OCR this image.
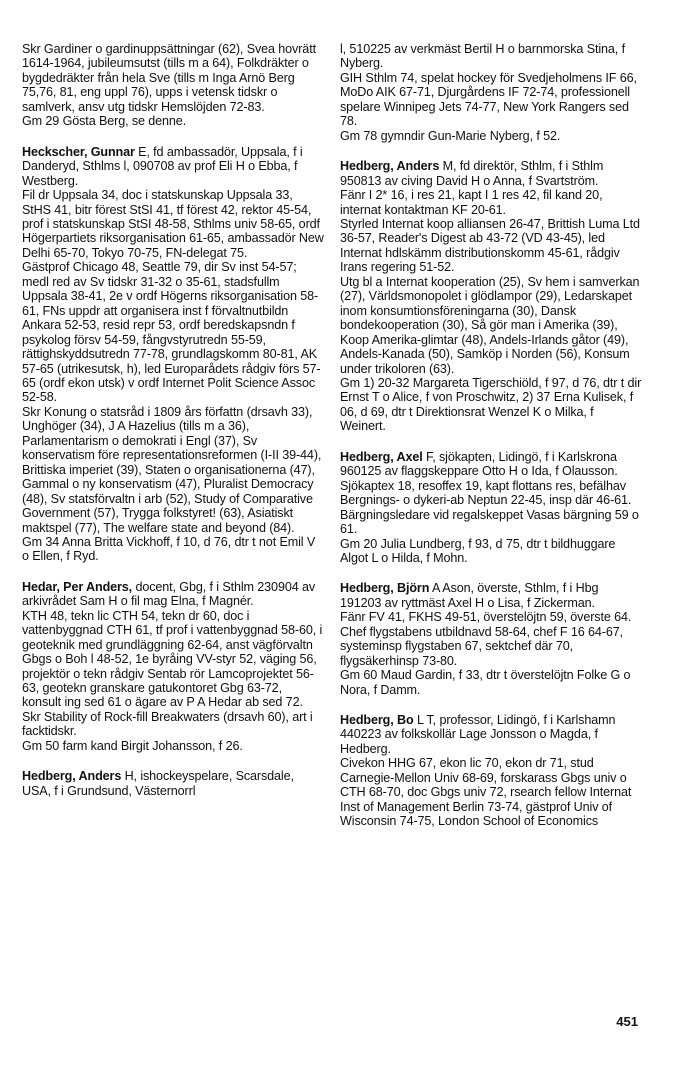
Skr Gardiner o gardinuppsättningar (62), Svea hovrätt 1614-1964, jubileumsutst (tills m a 64), Folkdräkter o bygdedräkter från hela Sve (tills m Inga Arnö Berg 75,76, 81, eng uppl 76), upps i vetensk tidskr o samlverk, ansv utg tidskr Hemslöjden 72-83.

Gm 29 Gösta Berg, se denne.

Heckscher, Gunnar E, fd ambassadör, Uppsala, f i Danderyd, Sthlms l, 090708 av prof Eli H o Ebba, f Westberg.

Fil dr Uppsala 34, doc i statskunskap Uppsala 33, StHS 41, bitr förest StSI 41, tf förest 42, rektor 45-54, prof i statskunskap StSI 48-58, Sthlms univ 58-65, ordf Högerpartiets riksorganisation 61-65, ambassadör New Delhi 65-70, Tokyo 70-75, FN-delegat 75.

Gästprof Chicago 48, Seattle 79, dir Sv inst 54-57; medl red av Sv tidskr 31-32 o 35-61, stadsfullm Uppsala 38-41, 2e v ordf Högerns riksorganisation 58-61, FNs uppdr att organisera inst f förvaltnutbildn Ankara 52-53, resid repr 53, ordf beredskapsndn f psykolog försv 54-59, fångvstyrutredn 55-59, rättighskyddsutredn 77-78, grundlagskomm 80-81, AK 57-65 (utrikesutsk, h), led Europarådets rådgiv förs 57-65 (ordf ekon utsk) v ordf Internet Polit Science Assoc 52-58.

Skr Konung o statsråd i 1809 års författn (drsavh 33), Unghöger (34), J A Hazelius (tills m a 36), Parlamentarism o demokrati i Engl (37), Sv konservatism före representationsreformen (I-II 39-44), Brittiska imperiet (39), Staten o organisationerna (47), Gammal o ny konservatism (47), Pluralist Democracy (48), Sv statsförvaltn i arb (52), Study of Comparative Government (57), Trygga folkstyret! (63), Asiatiskt maktspel (77), The welfare state and beyond (84).

Gm 34 Anna Britta Vickhoff, f 10, d 76, dtr t not Emil V o Ellen, f Ryd.

Hedar, Per Anders, docent, Gbg, f i Sthlm 230904 av arkivrådet Sam H o fil mag Elna, f Magnér.

KTH 48, tekn lic CTH 54, tekn dr 60, doc i vattenbyggnad CTH 61, tf prof i vattenbyggnad 58-60, i geoteknik med grundläggning 62-64, anst vägförvaltn Gbgs o Boh l 48-52, 1e byråing VV-styr 52, väging 56, projektör o tekn rådgiv Sentab rör Lamcoprojektet 56-63, geotekn granskare gatukontoret Gbg 63-72, konsult ing sed 61 o ägare av P A Hedar ab sed 72.

Skr Stability of Rock-fill Breakwaters (drsavh 60), art i facktidskr.

Gm 50 farm kand Birgit Johansson, f 26.

Hedberg, Anders H, ishockeyspelare, Scarsdale, USA, f i Grundsund, Västernorrl

l, 510225 av verkmäst Bertil H o barnmorska Stina, f Nyberg.

GIH Sthlm 74, spelat hockey för Svedjeholmens IF 66, MoDo AIK 67-71, Djurgårdens IF 72-74, professionell spelare Winnipeg Jets 74-77, New York Rangers sed 78.

Gm 78 gymndir Gun-Marie Nyberg, f 52.

Hedberg, Anders M, fd direktör, Sthlm, f i Sthlm 950813 av civing David H o Anna, f Svartström.

Fänr I 2* 16, i res 21, kapt I 1 res 42, fil kand 20, internat kontaktman KF 20-61.

Styrled Internat koop alliansen 26-47, Brittish Luma Ltd 36-57, Reader's Digest ab 43-72 (VD 43-45), led Internat hdlskämm distributionskomm 45-61, rådgiv Irans regering 51-52.

Utg bl a Internat kooperation (25), Sv hem i samverkan (27), Världsmonopolet i glödlampor (29), Ledarskapet inom konsumtionsföreningarna (30), Dansk bondekooperation (30), Så gör man i Amerika (39), Koop Amerika-glimtar (48), Andels-Irlands gåtor (49), Andels-Kanada (50), Samköp i Norden (56), Konsum under trikoloren (63).

Gm 1) 20-32 Margareta Tigerschiöld, f 97, d 76, dtr t dir Ernst T o Alice, f von Proschwitz, 2) 37 Erna Kulisek, f 06, d 69, dtr t Direktionsrat Wenzel K o Milka, f Weinert.

Hedberg, Axel F, sjökapten, Lidingö, f i Karlskrona 960125 av flaggskeppare Otto H o Ida, f Olausson.

Sjökaptex 18, resoffex 19, kapt flottans res, befälhav Bergnings- o dykeri-ab Neptun 22-45, insp där 46-61.

Bärgningsledare vid regalskeppet Vasas bärgning 59 o 61.

Gm 20 Julia Lundberg, f 93, d 75, dtr t bildhuggare Algot L o Hilda, f Mohn.

Hedberg, Björn A Ason, överste, Sthlm, f i Hbg 191203 av ryttmäst Axel H o Lisa, f Zickerman.

Fänr FV 41, FKHS 49-51, överstelöjtn 59, överste 64.

Chef flygstabens utbildnavd 58-64, chef F 16 64-67, systeminsp flygstaben 67, sektchef där 70, flygsäkerhinsp 73-80.

Gm 60 Maud Gardin, f 33, dtr t överstelöjtn Folke G o Nora, f Damm.

Hedberg, Bo L T, professor, Lidingö, f i Karlshamn 440223 av folkskollär Lage Jonsson o Magda, f Hedberg.

Civekon HHG 67, ekon lic 70, ekon dr 71, stud Carnegie-Mellon Univ 68-69, forskarass Gbgs univ o CTH 68-70, doc Gbgs univ 72, rsearch fellow Internat Inst of Management Berlin 73-74, gästprof Univ of Wisconsin 74-75, London School of Economics

451
